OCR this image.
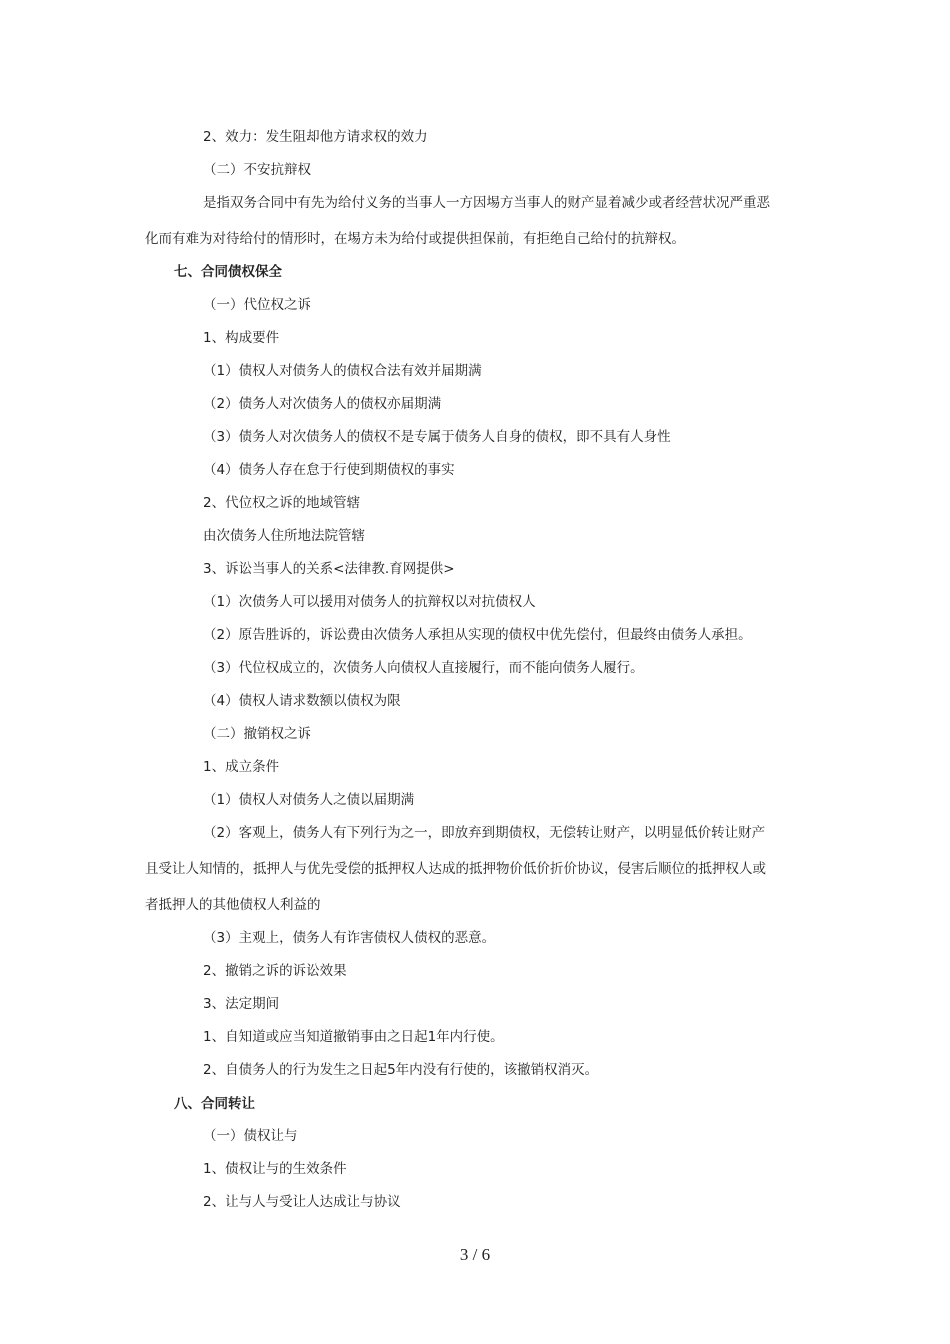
2、效力：发生阻却他方请求权的效力
（二）不安抗辩权
是指双务合同中有先为给付义务的当事人一方因埸方当事人的财产显着减少或者经营状况严重恶
化而有难为对待给付的情形时，在埸方未为给付或提供担保前，有拒绝自己给付的抗辩权。
七、合同债权保全
（一）代位权之诉
1、构成要件
（1）债权人对债务人的债权合法有效并届期满
（2）债务人对次债务人的债权亦届期满
（3）债务人对次债务人的债权不是专属于债务人自身的债权，即不具有人身性
（4）债务人存在怠于行使到期债权的事实
2、代位权之诉的地域管辖
由次债务人住所地法院管辖
3、诉讼当事人的关系<法律教.育网提供>
（1）次债务人可以援用对债务人的抗辩权以对抗债权人
（2）原告胜诉的，诉讼费由次债务人承担从实现的债权中优先偿付，但最终由债务人承担。
（3）代位权成立的，次债务人向债权人直接履行，而不能向债务人履行。
（4）债权人请求数额以债权为限
（二）撤销权之诉
1、成立条件
（1）债权人对债务人之债以届期满
（2）客观上，债务人有下列行为之一，即放弃到期债权，无偿转让财产，以明显低价转让财产
且受让人知情的，抵押人与优先受偿的抵押权人达成的抵押物价低价折价协议，侵害后顺位的抵押权人或
者抵押人的其他债权人利益的
（3）主观上，债务人有诈害债权人债权的恶意。
2、撤销之诉的诉讼效果
3、法定期间
1、自知道或应当知道撤销事由之日起1年内行使。
2、自债务人的行为发生之日起5年内没有行使的，该撤销权消灭。
八、合同转让
（一）债权让与
1、债权让与的生效条件
2、让与人与受让人达成让与协议
3 / 6
